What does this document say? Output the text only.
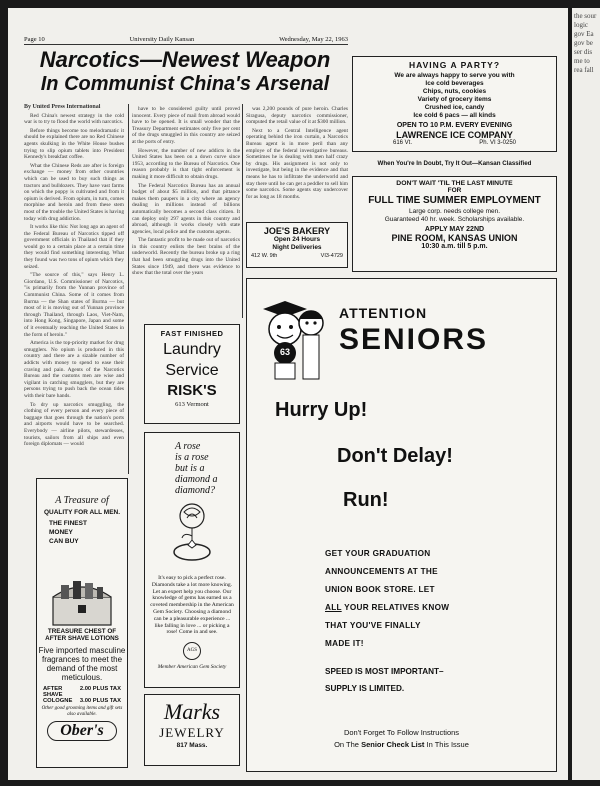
Page 10	University Daily Kansan	Wednesday, May 22, 1963
Narcotics—Newest Weapon
In Communist China's Arsenal
By United Press International

Red China's newest strategy in the cold war is to try to flood the world with narcotics.

Before things become too melodramatic it should be explained there are no Red Chinese agents skulking in the White House bushes trying to slip opium tablets into President Kennedy's breakfast coffee.

What the Chinese Reds are after is foreign exchange — money from other countries which can be used to buy such things as tractors and bulldozers. They have vast farms on which the poppy is cultivated and from it opium is derived. From opium, in turn, comes morphine and heroin and from these stem most of the trouble the United States is having today with drug addiction.

It works like this: Not long ago an agent of the Federal Bureau of Narcotics tipped off government officials in Thailand that if they would go to a certain place at a certain time they would find something interesting. What they found was two tons of opium which they seized.

"The source of this," says Henry L. Giordano, U.S. Commissioner of Narcotics, "is primarily from the Yunnan province of Communist China. Some of it comes from Burma — the Shan states of Burma — but most of it is moving out of Yunnan province through Thailand, through Laos, Viet-Nam, into Hong Kong, Singapore, Japan and some of it eventually reaching the United States in the form of heroin."

America is the top-priority market for drug smugglers. No opium is produced in this country and there are a sizable number of addicts with money to spend to ease their craving and pain. Agents of the Narcotics Bureau and the customs men are wise and vigilant in catching smugglers, but they are persons trying to push back the ocean tides with their bare hands.

To dry up narcotics smuggling, the clothing of every person and every piece of baggage that goes through the nation's ports and airports would have to be searched. Everybody — airline pilots, stewardesses, tourists, sailors from all ships and even foreign diplomats — would

have to be considered guilty until proved innocent. Every piece of mail from abroad would have to be opened. It is small wonder that the Treasury Department estimates only five per cent of the drugs smuggled in this country are seized at the ports of entry.

However, the number of new addicts in the United States has been on a down curve since 1953, according to the Bureau of Narcotics. One reason probably is that tight enforcement is making it more difficult to obtain drugs.

The Federal Narcotics Bureau has an annual budget of about $5 million, and that pittance makes them paupers in a city where an agency dealing in millions instead of billions automatically becomes a second class citizen. It can deploy only 297 agents in this country and abroad, although it works closely with state agencies, local police and the customs agents.

The fantastic profit to be made out of narcotics in this country enlists the best brains of the underworld. Recently the bureau broke up a ring that had been smuggling drugs into the United States since 1949, and there was evidence to show that the total over the years

was 2,200 pounds of pure heroin. Charles Siragusa, deputy narcotics commissioner, computed the retail value of it at $300 million.

Next to a Central Intelligence agent operating behind the iron curtain, a Narcotics Bureau agent is in more peril than any employe of the federal investigative bureaus. Sometimes he is dealing with men half crazy by drugs. His assignment is not only to investigate, but being in the evidence and that means he has to infiltrate the underworld and stay there until he can get a peddler to sell him some narcotics. Some agents stay undercover for as long as 18 months.

HAVING A PARTY?
We are always happy to serve you with
Ice cold beverages
Chips, nuts, cookies
Variety of grocery items
Crushed ice, candy
Ice cold 6 pacs — all kinds
OPEN TO 10 P.M. EVERY EVENING
LAWRENCE ICE COMPANY
616 Vt.	Ph. VI 3-0250
When You're In Doubt, Try It Out—Kansan Classified
DON'T WAIT 'TIL THE LAST MINUTE
FOR
FULL TIME SUMMER EMPLOYMENT
Large corp. needs college men.
Guaranteed 40 hr. week. Scholarships available.
APPLY MAY 22ND
PINE ROOM, KANSAS UNION
10:30 a.m. till 5 p.m.
JOE'S BAKERY
Open 24 Hours
Night Deliveries
412 W. 9th	VI3-4729
FAST FINISHED
Laundry
Service
RISK'S
613 Vermont
A rose
is a rose
but is a
diamond a
diamond?
It's easy to pick a perfect rose. Diamonds take a lot more knowing. Let an expert help you choose. Our knowledge of gems has earned us a coveted membership in the American Gem Society. Choosing a diamond can be a pleasurable experience ... like falling in love ... or picking a rose! Come in and see.
AGS
Member American Gem Society
Marks
JEWELRY
817 Mass.
A Treasure of
QUALITY FOR ALL MEN.
THE FINEST
MONEY
CAN BUY
TREASURE CHEST OF AFTER SHAVE LOTIONS
Five imported masculine fragrances to meet the demand of the most meticulous.
AFTER SHAVE
2.00 PLUS TAX
COLOGNE	3.00 PLUS TAX
Other good grooming items and gift sets also available.
Ober's
63
ATTENTION
SENIORS
Hurry Up!
Don't Delay!
Run!
GET YOUR GRADUATION
ANNOUNCEMENTS AT THE
UNION BOOK STORE. LET
ALL YOUR RELATIVES KNOW
THAT YOU'VE FINALLY
MADE IT!
SPEED IS MOST IMPORTANT–
SUPPLY IS LIMITED.
Don't Forget To Follow Instructions
On The Senior Check List In This Issue
the sour logic gov Ea gov be ser dis me to rea fall
